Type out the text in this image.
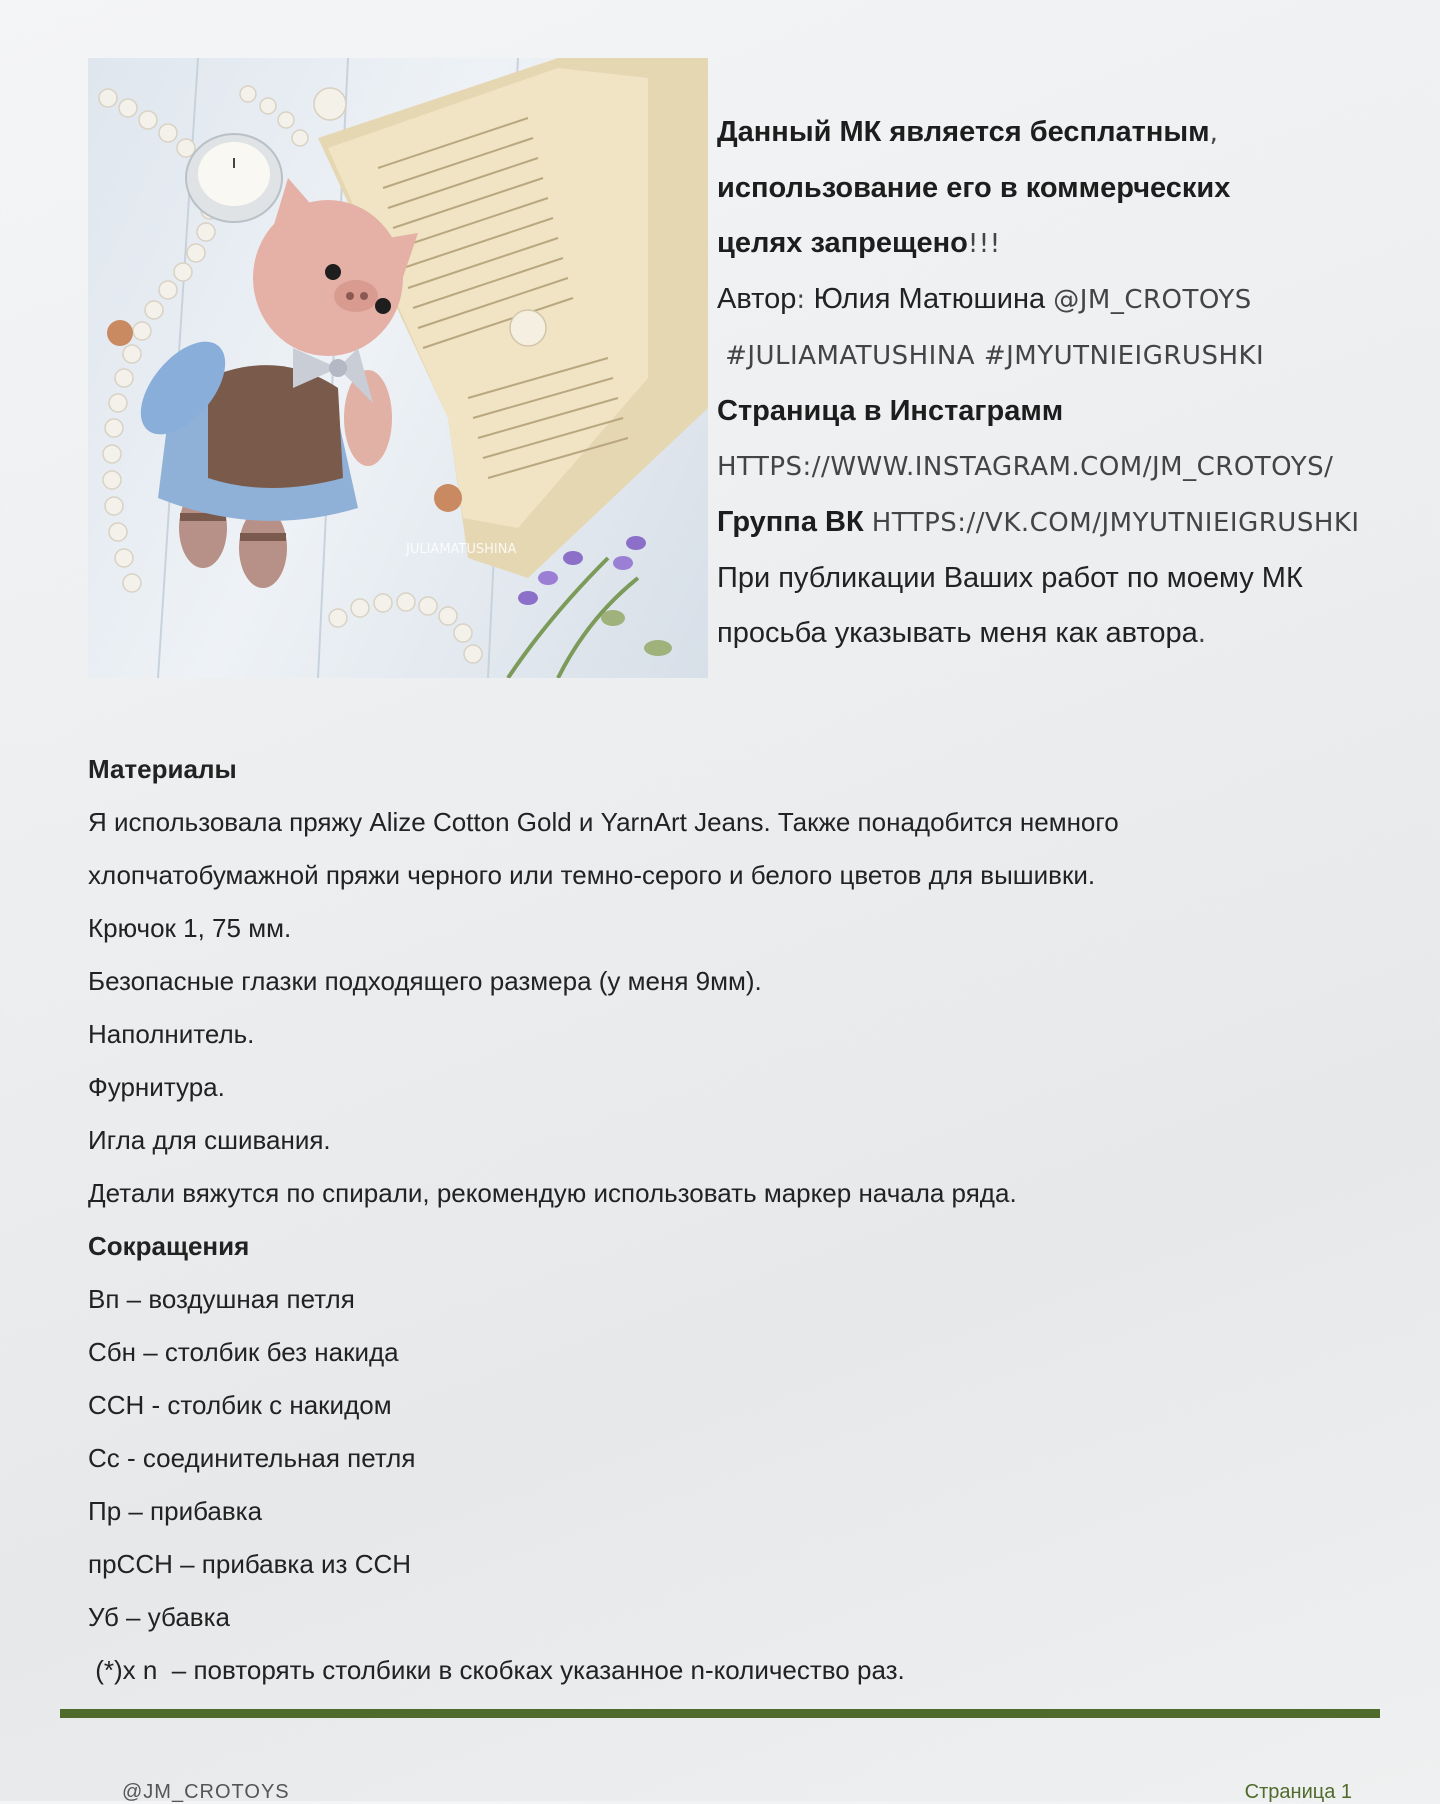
JULIAMATUSHINA

Данный МК является бесплатным,

использование его в коммерческих

целях запрещено!!!

Автор: Юлия Матюшина @JM_CROTOYS

#JULIAMATUSHINA #JMYUTNIEIGRUSHKI

Страница в Инстаграмм

HTTPS://WWW.INSTAGRAM.COM/JM_CROTOYS/

Группа ВК HTTPS://VK.COM/JMYUTNIEIGRUSHKI

При публикации Ваших работ по моему МК

просьба указывать меня как автора.

Материалы

Я использовала пряжу Alize Cotton Gold и YarnArt Jeans. Также понадобится немного

хлопчатобумажной пряжи черного или темно-серого и белого цветов для вышивки.

Крючок 1, 75 мм.

Безопасные глазки подходящего размера (у меня 9мм).

Наполнитель.

Фурнитура.

Игла для сшивания.

Детали вяжутся по спирали, рекомендую использовать маркер начала ряда.

Сокращения

Вп – воздушная петля

Сбн – столбик без накида

ССН - столбик с накидом

Сс - соединительная петля

Пр – прибавка

прССН – прибавка из ССН

Уб – убавка

(*)х n  – повторять столбики в скобках указанное n-количество раз.

@JM_CROTOYS	Страница 1
